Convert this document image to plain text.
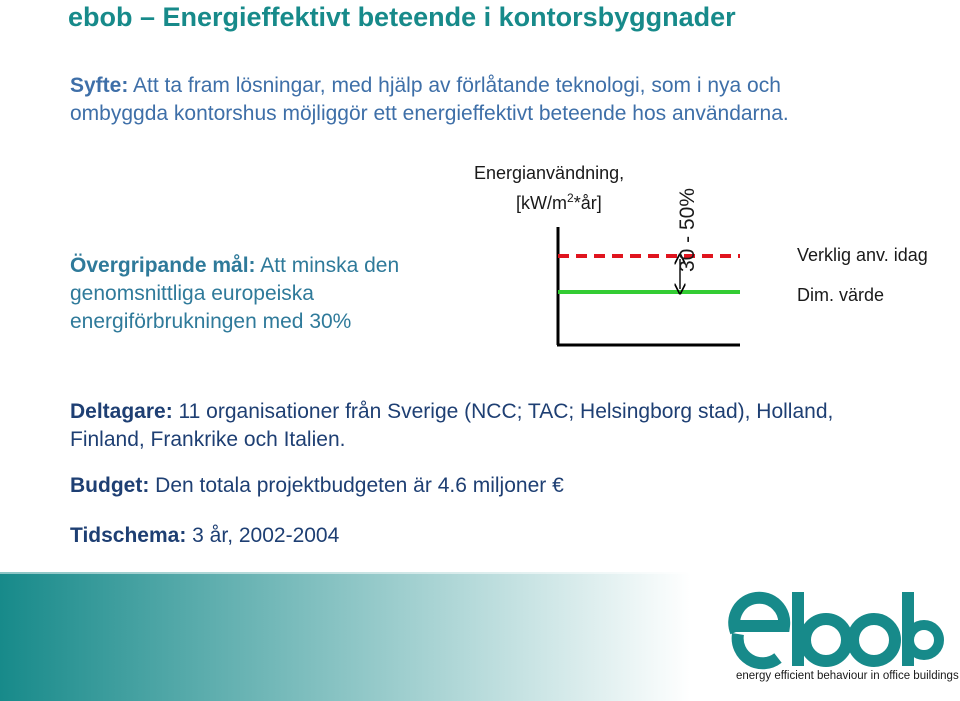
ebob – Energieffektivt beteende i kontorsbyggnader
Syfte: Att ta fram lösningar, med hjälp av förlåtande teknologi, som i nya och ombyggda kontorshus möjliggör ett energieffektivt beteende hos användarna.
Övergripande mål: Att minska den genomsnittliga europeiska energiförbrukningen med 30%
Energianvändning,
$[kW/m^2*år]$	30 - 50%	Verklig anv. idag
Dim. värde
Deltagare: 11 organisationer från Sverige (NCC; TAC; Helsingborg stad), Holland, Finland, Frankrike och Italien.
Budget: Den totala projektbudgeten är 4.6 miljoner €
Tidschema: 3 år, 2002-2004
energy efficient behaviour in office buildings
